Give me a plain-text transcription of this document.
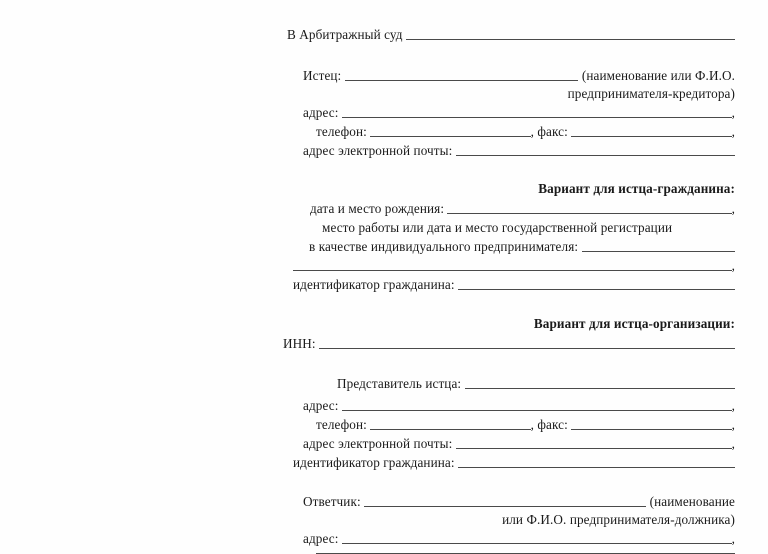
В Арбитражный суд
Истец:	(наименование или Ф.И.О.
предпринимателя-кредитора)
адрес:	,
телефон:	, факс:	,
адрес электронной почты:
Вариант для истца-гражданина:
дата и место рождения:	,
место работы или дата и место государственной регистрации
в качестве индивидуального предпринимателя:
,
идентификатор гражданина:
Вариант для истца-организации:
ИНН:
Представитель истца:
адрес:	,
телефон:	, факс:	,
адрес электронной почты:	,
идентификатор гражданина:
Ответчик:	(наименование
или Ф.И.О. предпринимателя-должника)
адрес:	,
